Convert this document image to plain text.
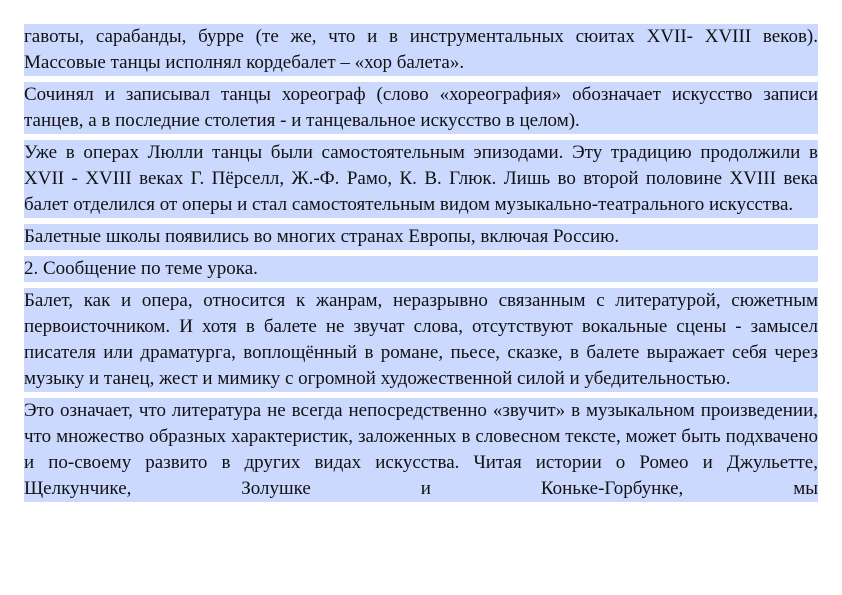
гавоты, сарабанды, бурре (те же, что и в инструментальных сюитах XVII- XVIII веков). Массовые танцы исполнял кордебалет – «хор балета».

Сочинял и записывал танцы хореограф (слово «хореография» обозначает искусство записи танцев, а в последние столетия - и танцевальное искусство в целом).

Уже в операх Люлли танцы были самостоятельным эпизодами. Эту традицию продолжили в XVII - XVIII веках Г. Пёрселл, Ж.-Ф. Рамо, К. В. Глюк. Лишь во второй половине XVIII века балет отделился от оперы и стал самостоятельным видом музыкально-театрального искусства.

Балетные школы появились во многих странах Европы, включая Россию.

2. Сообщение по теме урока.

Балет, как и опера, относится к жанрам, неразрывно связанным с литературой, сюжетным первоисточником. И хотя в балете не звучат слова, отсутствуют вокальные сцены - замысел писателя или драматурга, воплощённый в романе, пьесе, сказке, в балете выражает себя через музыку и танец, жест и мимику с огромной художественной силой и убедительностью.

Это означает, что литература не всегда непосредственно «звучит» в музыкальном произведении, что множество образных характеристик, заложенных в словесном тексте, может быть подхвачено и по-своему развито в других видах искусства. Читая истории о Ромео и Джульетте, Щелкунчике, Золушке и Коньке-Горбунке, мы
